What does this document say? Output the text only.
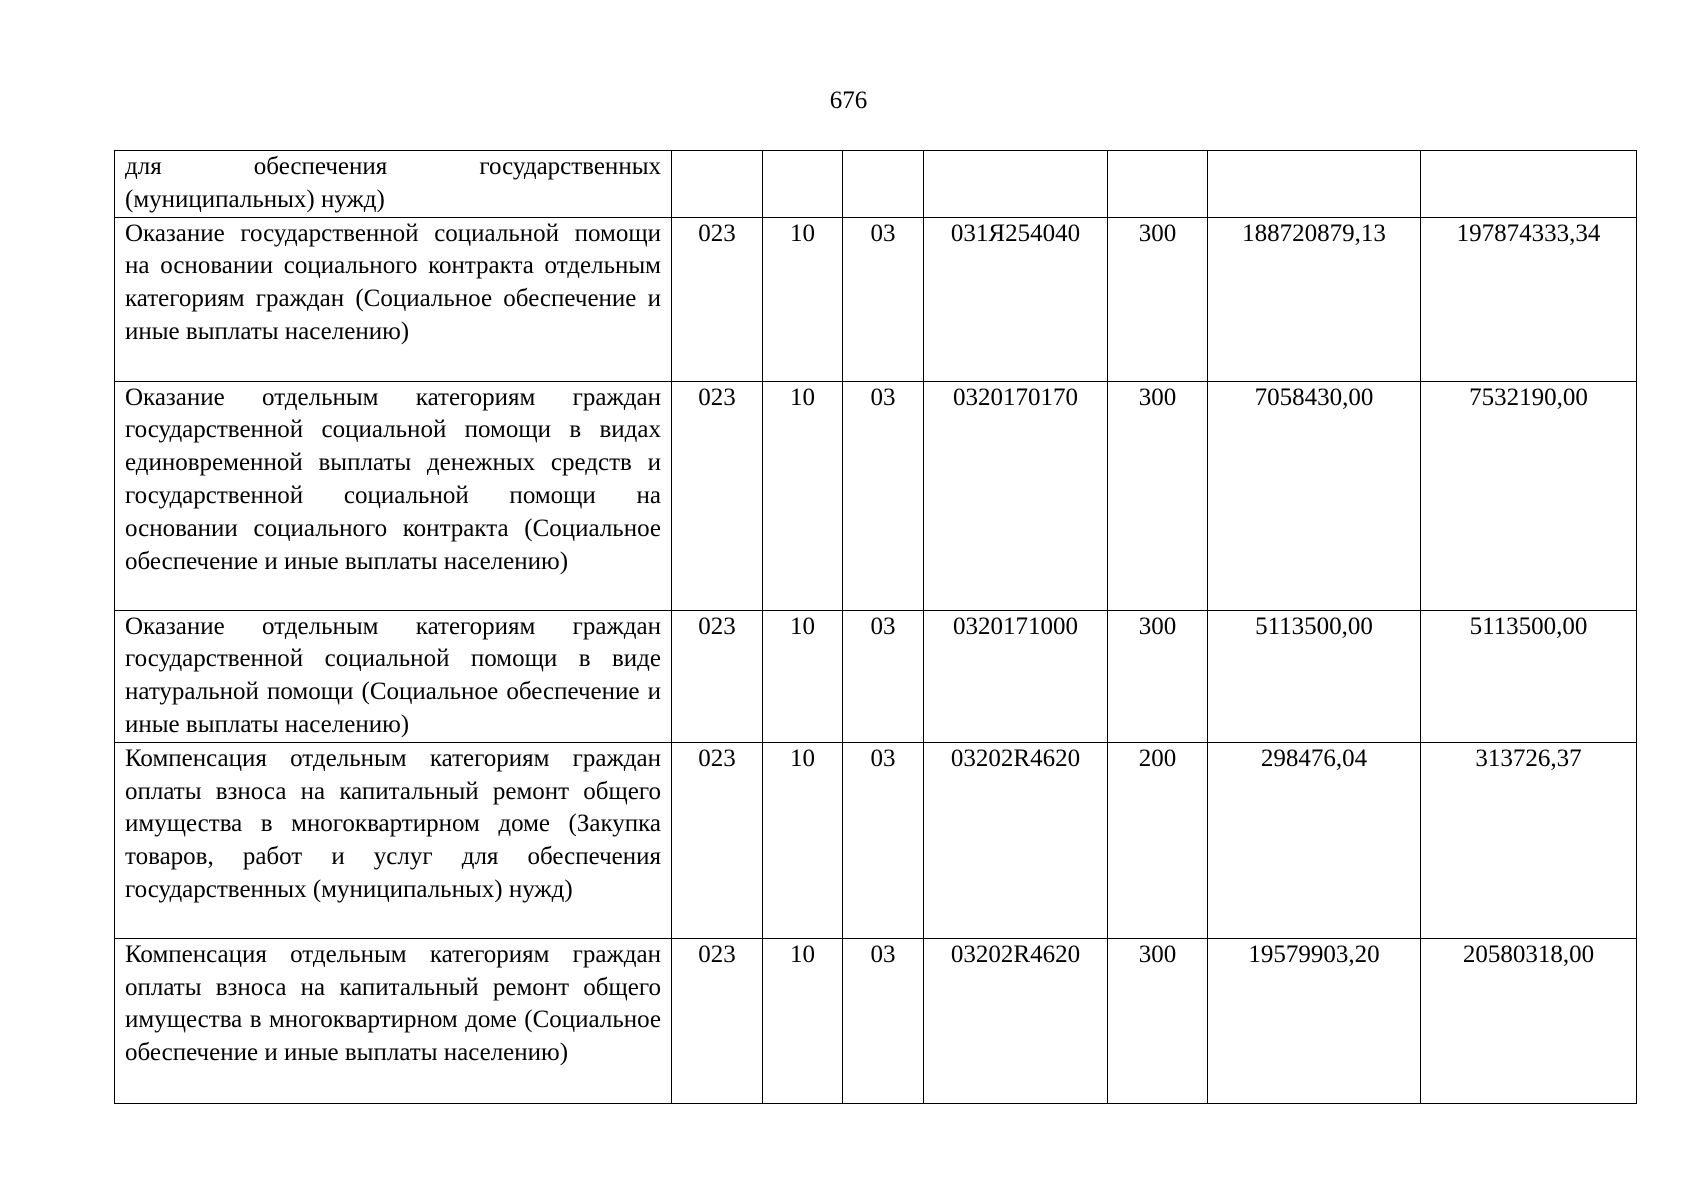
676
для обеспечения государственных (муниципальных) нужд)							
Оказание государственной социальной помощи на основании социального контракта отдельным категориям граждан (Социальное обеспечение и иные выплаты населению)	023	10	03	031Я254040	300	188720879,13	197874333,34
Оказание отдельным категориям граждан государственной социальной помощи в видах единовременной выплаты денежных средств и государственной социальной помощи на основании социального контракта (Социальное обеспечение и иные выплаты населению)	023	10	03	0320170170	300	7058430,00	7532190,00
Оказание отдельным категориям граждан государственной социальной помощи в виде натуральной помощи (Социальное обеспечение и иные выплаты населению)	023	10	03	0320171000	300	5113500,00	5113500,00
Компенсация отдельным категориям граждан оплаты взноса на капитальный ремонт общего имущества в многоквартирном доме (Закупка товаров, работ и услуг для обеспечения государственных (муниципальных) нужд)	023	10	03	03202R4620	200	298476,04	313726,37
Компенсация отдельным категориям граждан оплаты взноса на капитальный ремонт общего имущества в многоквартирном доме (Социальное обеспечение и иные выплаты населению)	023	10	03	03202R4620	300	19579903,20	20580318,00
